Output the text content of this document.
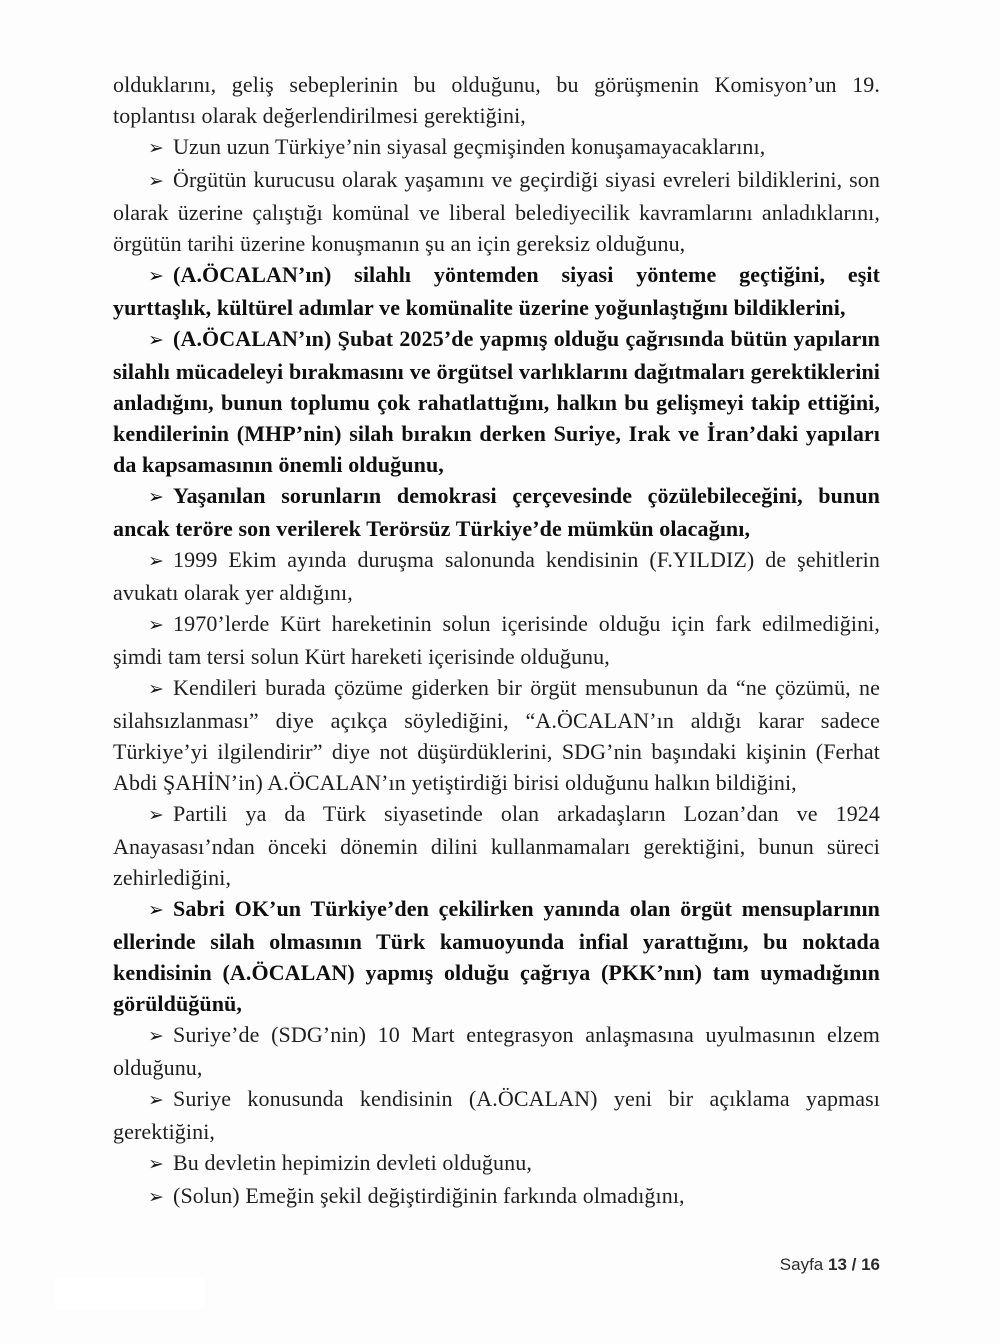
olduklarını, geliş sebeplerinin bu olduğunu, bu görüşmenin Komisyon’un 19. toplantısı olarak değerlendirilmesi gerektiğini,

➢ Uzun uzun Türkiye’nin siyasal geçmişinden konuşamayacaklarını,

➢ Örgütün kurucusu olarak yaşamını ve geçirdiği siyasi evreleri bildiklerini, son olarak üzerine çalıştığı komünal ve liberal belediyecilik kavramlarını anladıklarını, örgütün tarihi üzerine konuşmanın şu an için gereksiz olduğunu,

➢ (A.ÖCALAN’ın) silahlı yöntemden siyasi yönteme geçtiğini, eşit yurttaşlık, kültürel adımlar ve komünalite üzerine yoğunlaştığını bildiklerini,

➢ (A.ÖCALAN’ın) Şubat 2025’de yapmış olduğu çağrısında bütün yapıların silahlı mücadeleyi bırakmasını ve örgütsel varlıklarını dağıtmaları gerektiklerini anladığını, bunun toplumu çok rahatlattığını, halkın bu gelişmeyi takip ettiğini, kendilerinin (MHP’nin) silah bırakın derken Suriye, Irak ve İran’daki yapıları da kapsamasının önemli olduğunu,

➢ Yaşanılan sorunların demokrasi çerçevesinde çözülebileceğini, bunun ancak teröre son verilerek Terörsüz Türkiye’de mümkün olacağını,

➢ 1999 Ekim ayında duruşma salonunda kendisinin (F.YILDIZ) de şehitlerin avukatı olarak yer aldığını,

➢ 1970’lerde Kürt hareketinin solun içerisinde olduğu için fark edilmediğini, şimdi tam tersi solun Kürt hareketi içerisinde olduğunu,

➢ Kendileri burada çözüme giderken bir örgüt mensubunun da “ne çözümü, ne silahsızlanması” diye açıkça söylediğini, “A.ÖCALAN’ın aldığı karar sadece Türkiye’yi ilgilendirir” diye not düşürdüklerini, SDG’nin başındaki kişinin (Ferhat Abdi ŞAHİN’in) A.ÖCALAN’ın yetiştirdiği birisi olduğunu halkın bildiğini,

➢ Partili ya da Türk siyasetinde olan arkadaşların Lozan’dan ve 1924 Anayasası’ndan önceki dönemin dilini kullanmamaları gerektiğini, bunun süreci zehirlediğini,

➢ Sabri OK’un Türkiye’den çekilirken yanında olan örgüt mensuplarının ellerinde silah olmasının Türk kamuoyunda infial yarattığını, bu noktada kendisinin (A.ÖCALAN) yapmış olduğu çağrıya (PKK’nın) tam uymadığının görüldüğünü,

➢ Suriye’de (SDG’nin) 10 Mart entegrasyon anlaşmasına uyulmasının elzem olduğunu,

➢ Suriye konusunda kendisinin (A.ÖCALAN) yeni bir açıklama yapması gerektiğini,

➢ Bu devletin hepimizin devleti olduğunu,

➢ (Solun) Emeğin şekil değiştirdiğinin farkında olmadığını,

Sayfa 13 / 16
